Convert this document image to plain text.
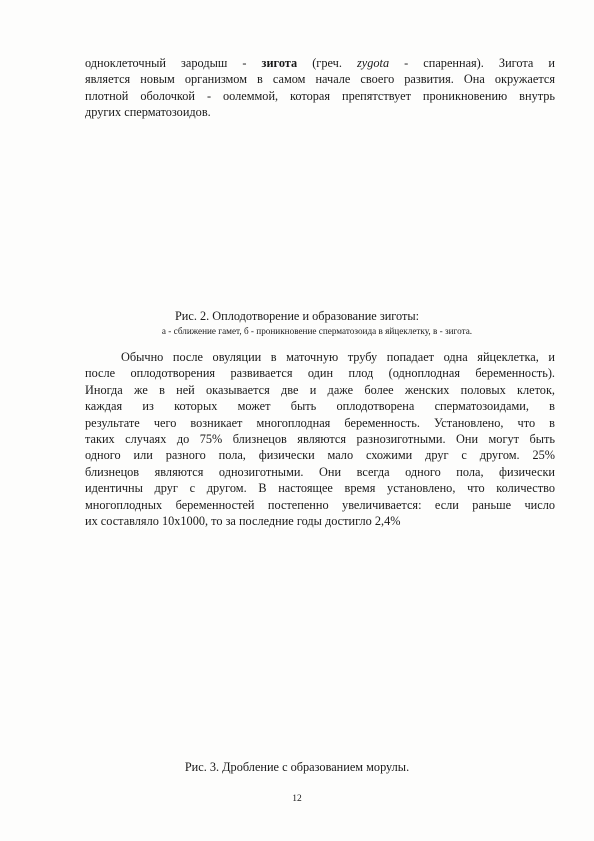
одноклеточный зародыш - зигота (греч. zygota - спаренная). Зигота и
является новым организмом в самом начале своего развития. Она окружается
плотной оболочкой - оолеммой, которая препятствует проникновению внутрь
других сперматозоидов.

Рис. 2. Оплодотворение и образование зиготы:

а - сближение гамет, б - проникновение сперматозоида в яйцеклетку, в - зигота.

Обычно после овуляции в маточную трубу попадает одна яйцеклетка, и
после оплодотворения развивается один плод (одноплодная беременность).
Иногда же в ней оказывается две и даже более женских половых клеток,
каждая из которых может быть оплодотворена сперматозоидами, в
результате чего возникает многоплодная беременность. Установлено, что в
таких случаях до 75% близнецов являются разнозиготными. Они могут быть
одного или разного пола, физически мало схожими друг с другом. 25%
близнецов являются однозиготными. Они всегда одного пола, физически
идентичны друг с другом. В настоящее время установлено, что количество
многоплодных беременностей постепенно увеличивается: если раньше число
их составляло 10х1000, то за последние годы достигло 2,4%

Рис. 3. Дробление с образованием морулы.

12
